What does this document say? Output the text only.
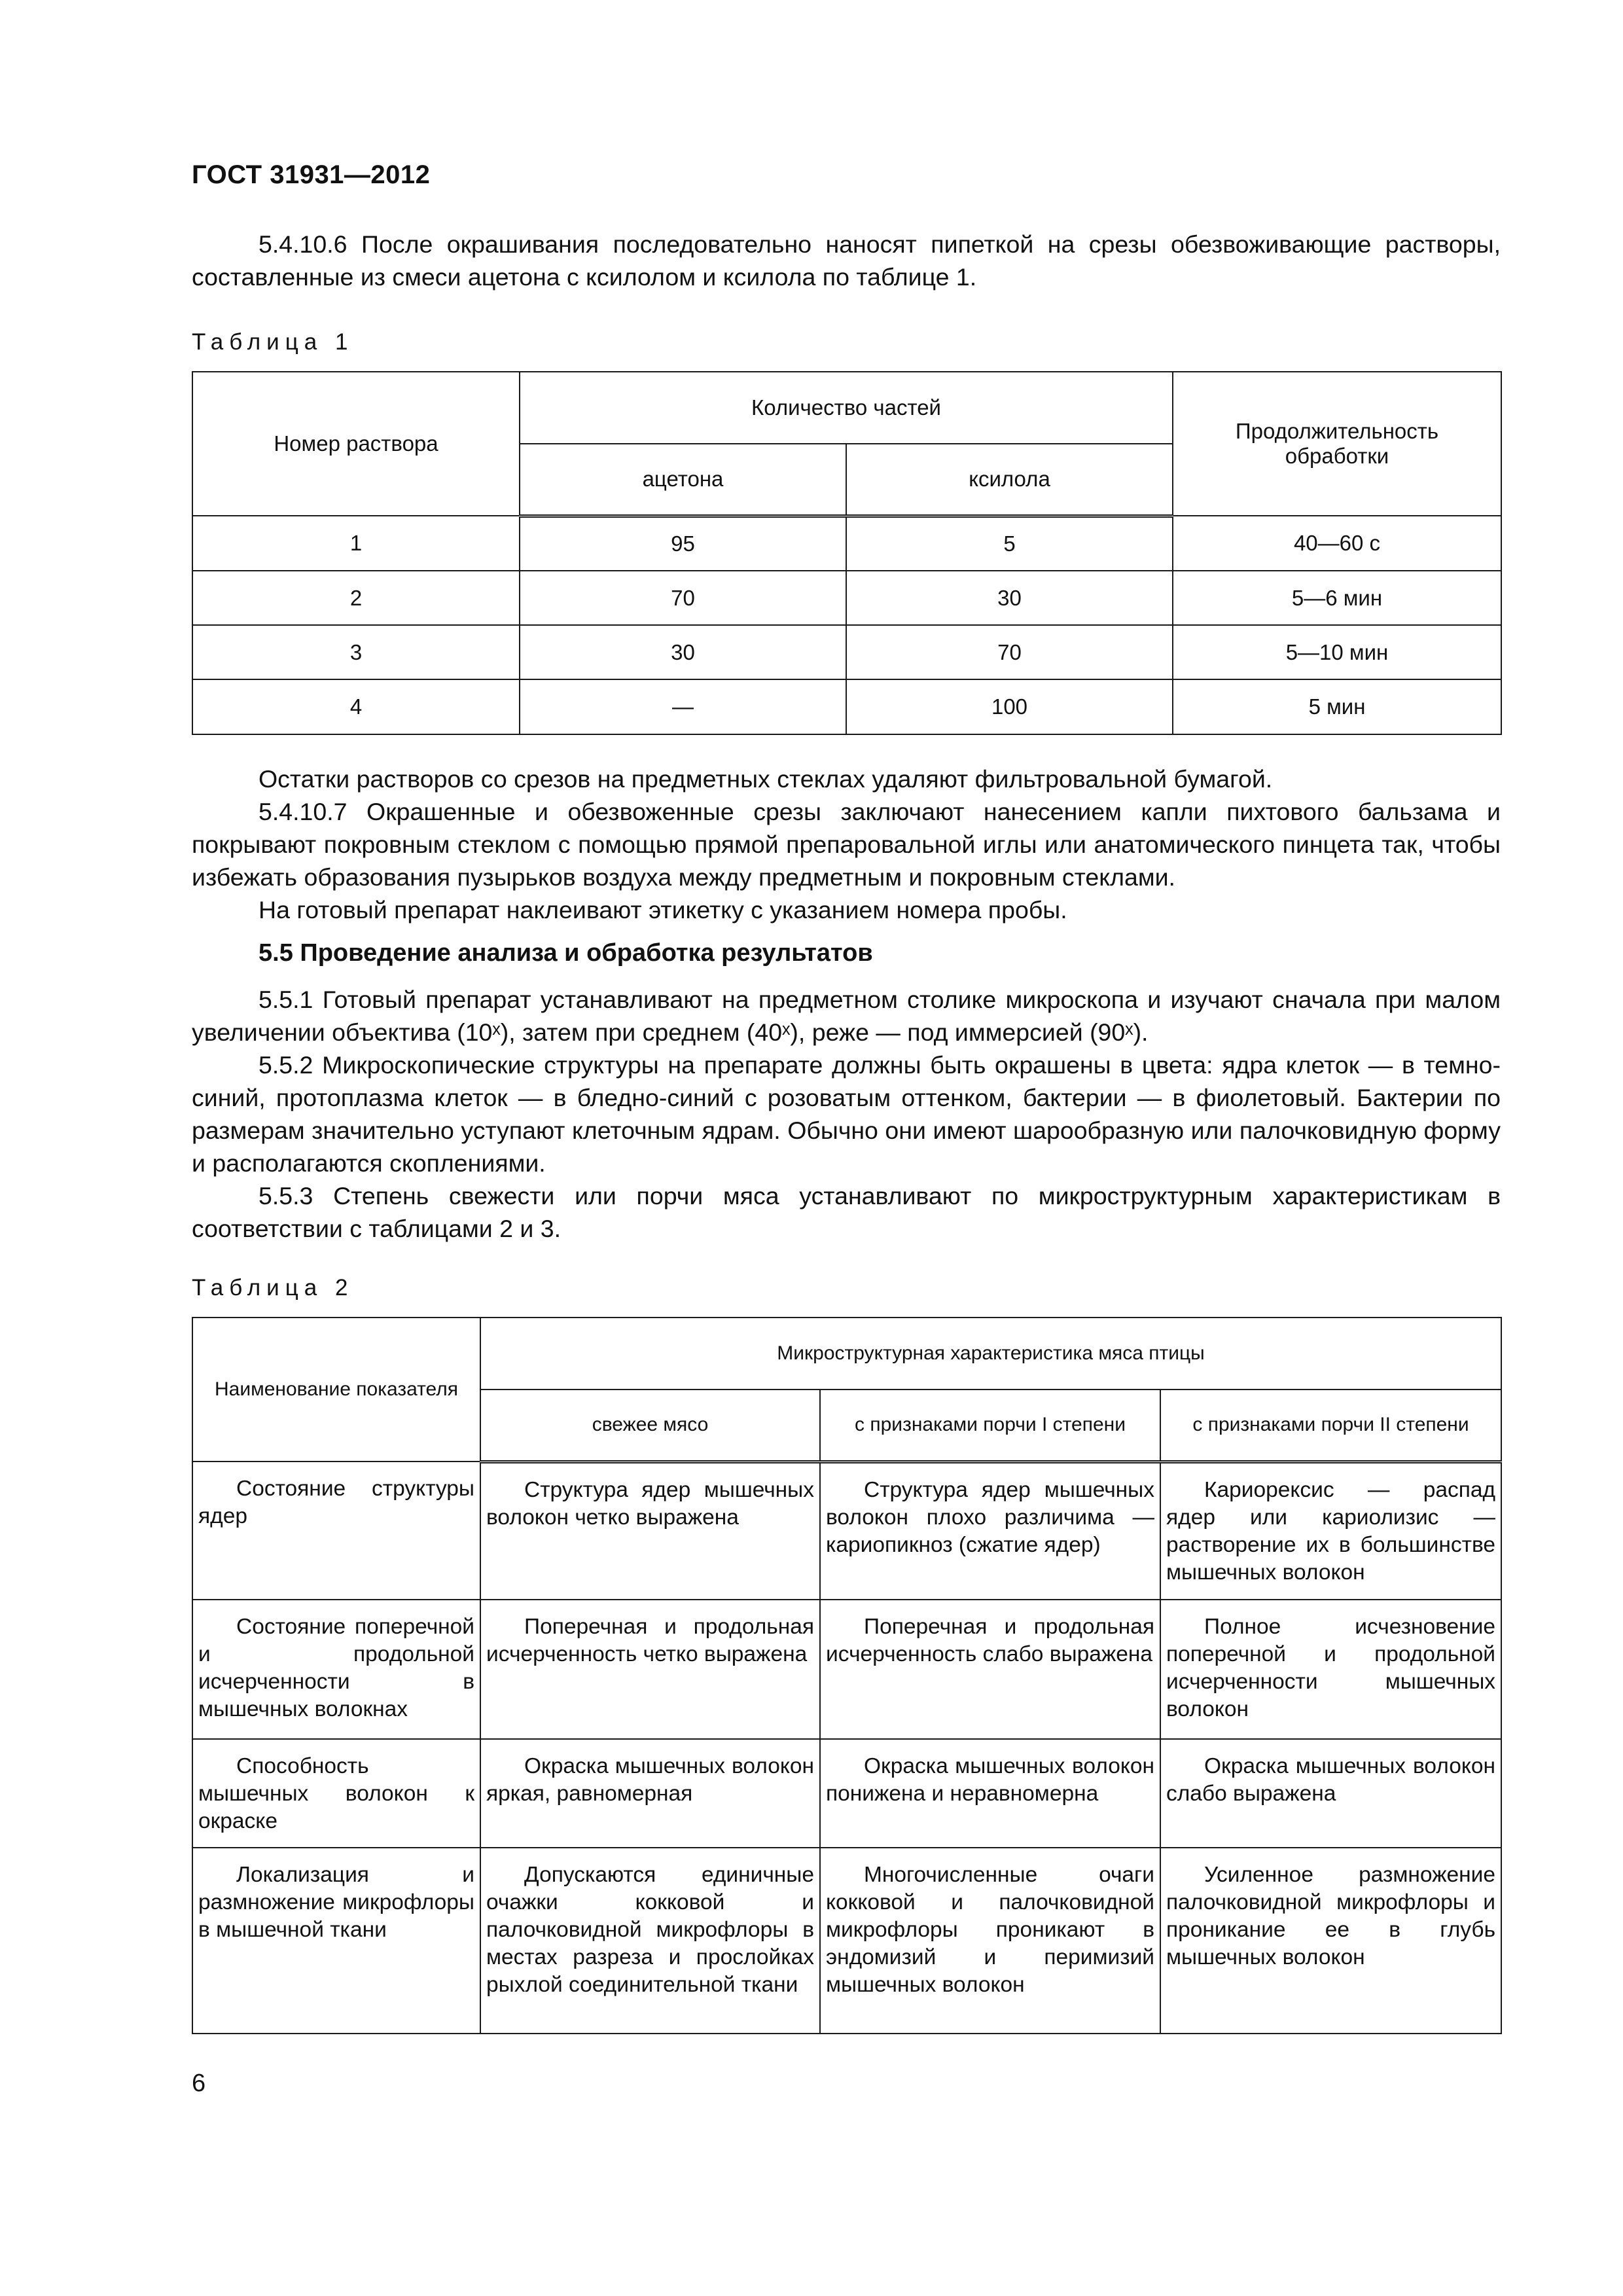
ГОСТ 31931—2012

5.4.10.6 После окрашивания последовательно наносят пипеткой на срезы обезвоживающие растворы, составленные из смеси ацетона с ксилолом и ксилола по таблице 1.

Таблица 1
Номер раствора	Количество частей		Продолжительность обработки
	ацетона	ксилола	
1	95	5	40—60 с
2	70	30	5—6 мин
3	30	70	5—10 мин
4	—	100	5 мин

Остатки растворов со срезов на предметных стеклах удаляют фильтровальной бумагой.

5.4.10.7 Окрашенные и обезвоженные срезы заключают нанесением капли пихтового бальзама и покрывают покровным стеклом с помощью прямой препаровальной иглы или анатомического пинцета так, чтобы избежать образования пузырьков воздуха между предметным и покровным стеклами.

На готовый препарат наклеивают этикетку с указанием номера пробы.

5.5 Проведение анализа и обработка результатов

5.5.1 Готовый препарат устанавливают на предметном столике микроскопа и изучают сначала при малом увеличении объектива (10ˣ), затем при среднем (40ˣ), реже — под иммерсией (90ˣ).

5.5.2 Микроскопические структуры на препарате должны быть окрашены в цвета: ядра клеток — в темно-синий, протоплазма клеток — в бледно-синий с розоватым оттенком, бактерии — в фиолетовый. Бактерии по размерам значительно уступают клеточным ядрам. Обычно они имеют шарообразную или палочковидную форму и располагаются скоплениями.

5.5.3 Степень свежести или порчи мяса устанавливают по микроструктурным характеристикам в соответствии с таблицами 2 и 3.

Таблица 2
Наименование показателя	Микроструктурная характеристика мяса птицы		
	свежее мясо	с признаками порчи I степени	с признаками порчи II степени
Состояние структуры ядер	Структура ядер мышечных волокон четко выражена	Структура ядер мышечных волокон плохо различима — кариопикноз (сжатие ядер)	Кариорексис — распад ядер или кариолизис — растворение их в большинстве мышечных волокон
Состояние поперечной и продольной исчерченности в мышечных волокнах	Поперечная и продольная исчерченность четко выражена	Поперечная и продольная исчерченность слабо выражена	Полное исчезновение поперечной и продольной исчерченности мышечных волокон
Способность мышечных волокон к окраске	Окраска мышечных волокон яркая, равномерная	Окраска мышечных волокон понижена и неравномерна	Окраска мышечных волокон слабо выражена
Локализация и размножение микрофлоры в мышечной ткани	Допускаются единичные очажки кокковой и палочковидной микрофлоры в местах разреза и прослойках рыхлой соединительной ткани	Многочисленные очаги кокковой и палочковидной микрофлоры проникают в эндомизий и перимизий мышечных волокон	Усиленное размножение палочковидной микрофлоры и проникание ее в глубь мышечных волокон
6
